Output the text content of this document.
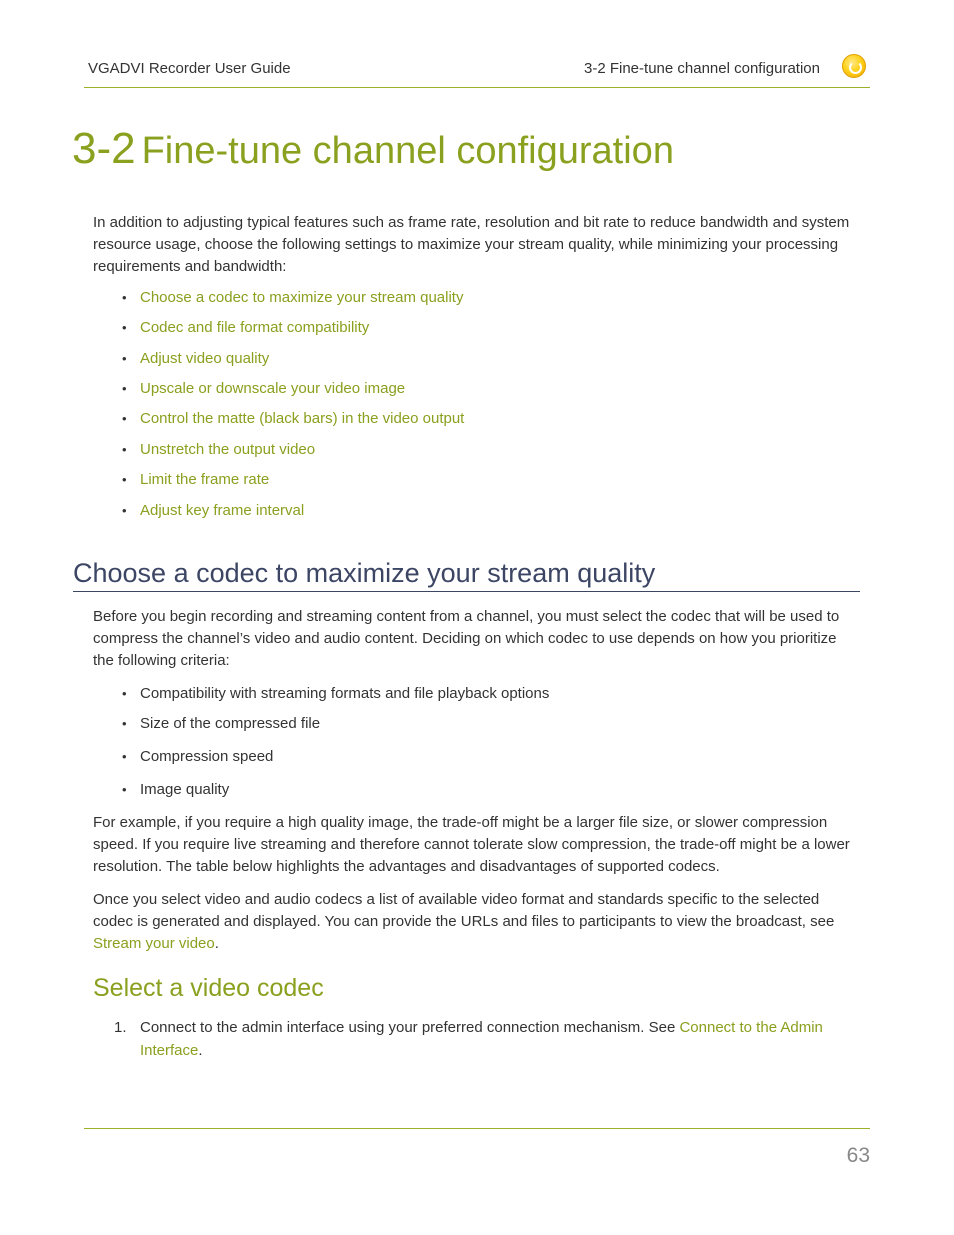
VGADVI Recorder User Guide	3-2 Fine-tune channel configuration
3-2 Fine-tune channel configuration

In addition to adjusting typical features such as frame rate, resolution and bit rate to reduce bandwidth and system resource usage, choose the following settings to maximize your stream quality, while minimizing your processing requirements and bandwidth:

• Choose a codec to maximize your stream quality
• Codec and file format compatibility
• Adjust video quality
• Upscale or downscale your video image
• Control the matte (black bars) in the video output
• Unstretch the output video
• Limit the frame rate
• Adjust key frame interval
Choose a codec to maximize your stream quality

Before you begin recording and streaming content from a channel, you must select the codec that will be used to compress the channel’s video and audio content. Deciding on which codec to use depends on how you prioritize the following criteria:

• Compatibility with streaming formats and file playback options
• Size of the compressed file
• Compression speed
• Image quality

For example, if you require a high quality image, the trade-off might be a larger file size, or slower compression speed. If you require live streaming and therefore cannot tolerate slow compression, the trade-off might be a lower resolution. The table below highlights the advantages and disadvantages of supported codecs.

Once you select video and audio codecs a list of available video format and standards specific to the selected codec is generated and displayed. You can provide the URLs and files to participants to view the broadcast, see Stream your video.

Select a video codec
1. Connect to the admin interface using your preferred connection mechanism. See Connect to the Admin Interface.
63
